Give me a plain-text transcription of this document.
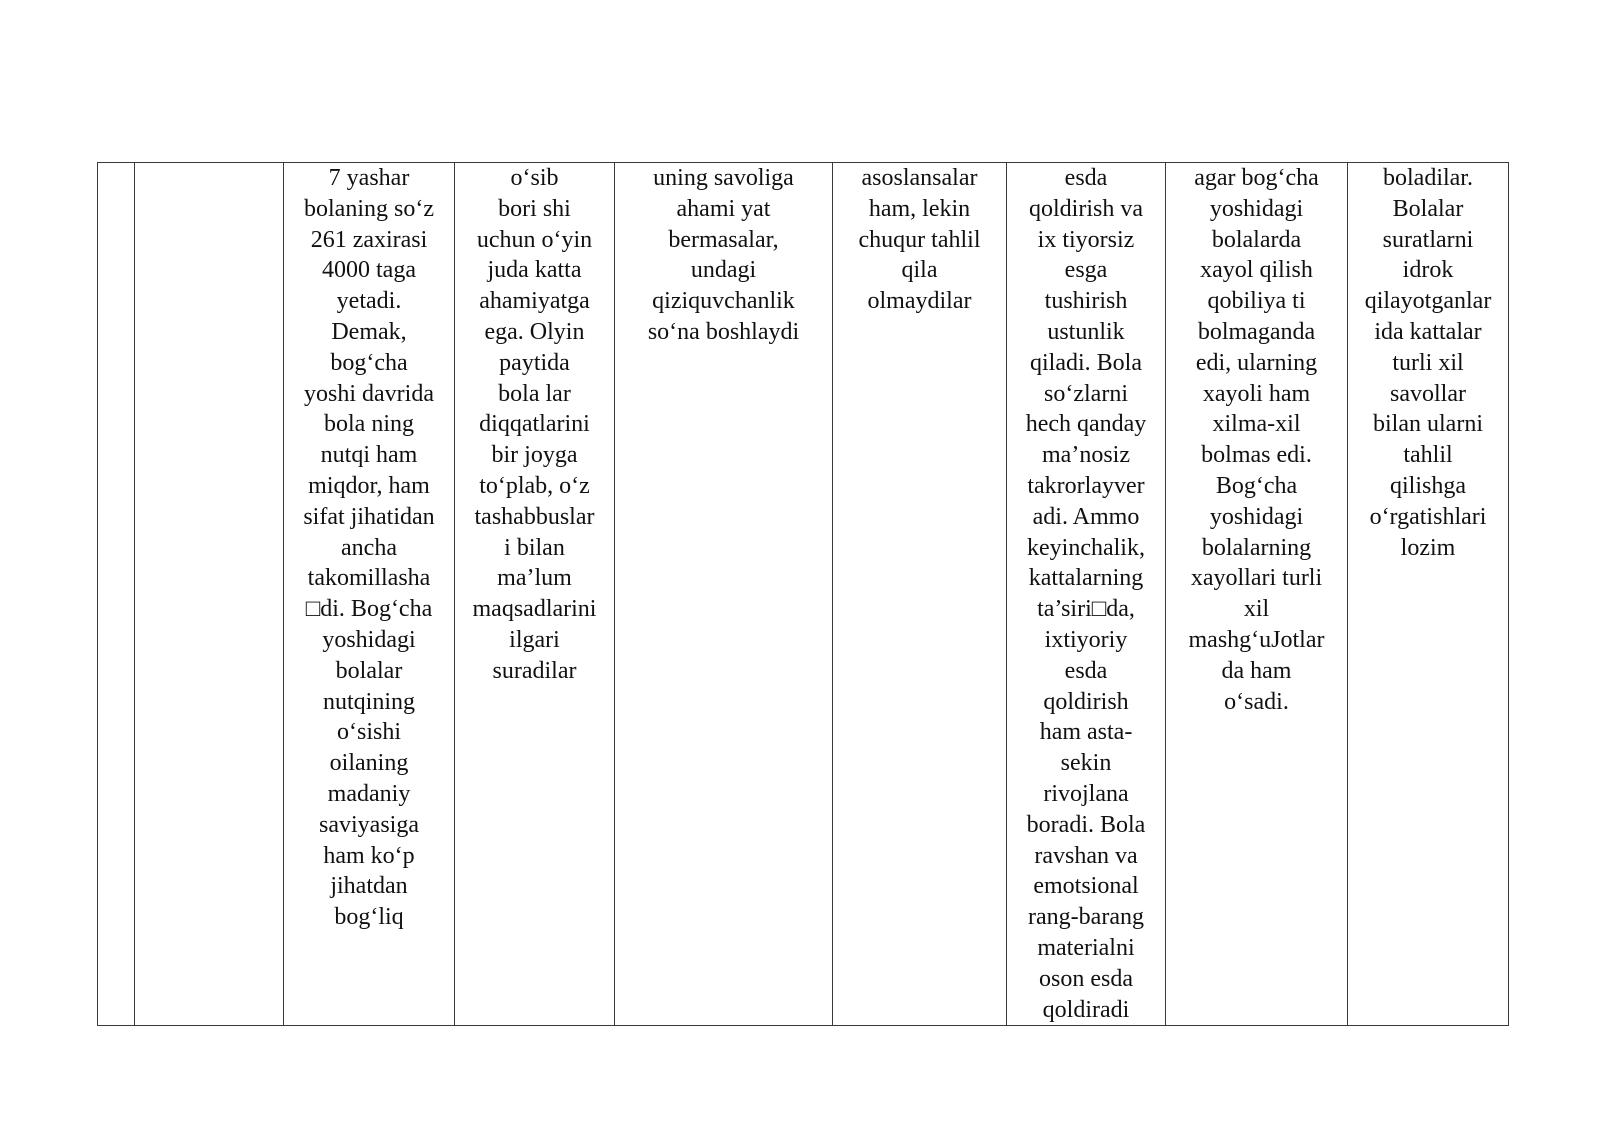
		7 yashar
bolaning so‘z
261 zaxirasi
4000 taga
yetadi.
Demak,
bog‘cha
yoshi davrida
bola ning
nutqi ham
miqdor, ham
sifat jihatidan
ancha
takomillasha
□di. Bog‘cha
yoshidagi
bolalar
nutqining
o‘sishi
oilaning
madaniy
saviyasiga
ham ko‘p
jihatdan
bog‘liq	o‘sib
bori shi
uchun o‘yin
juda katta
ahamiyatga
ega. Olyin
paytida
bola lar
diqqatlarini
bir joyga
to‘plab, o‘z
tashabbuslar
i bilan
ma’lum
maqsadlarini
ilgari
suradilar	uning savoliga
ahami yat
bermasalar,
undagi
qiziquvchanlik
so‘na boshlaydi	asoslansalar
ham, lekin
chuqur tahlil
qila
olmaydilar	esda
qoldirish va
ix tiyorsiz
esga
tushirish
ustunlik
qiladi. Bola
so‘zlarni
hech qanday
ma’nosiz
takrorlayver
adi. Ammo
keyinchalik,
kattalarning
ta’siri□da,
ixtiyoriy
esda
qoldirish
ham asta-
sekin
rivojlana
boradi. Bola
ravshan va
emotsional
rang-barang
materialni
oson esda
qoldiradi	agar bog‘cha
yoshidagi
bolalarda
xayol qilish
qobiliya ti
bolmaganda
edi, ularning
xayoli ham
xilma-xil
bolmas edi.
Bog‘cha
yoshidagi
bolalarning
xayollari turli
xil
mashg‘uJotlar
da ham
o‘sadi.	boladilar.
Bolalar
suratlarni
idrok
qilayotganlar
ida kattalar
turli xil
savollar
bilan ularni
tahlil
qilishga
o‘rgatishlari
lozim
